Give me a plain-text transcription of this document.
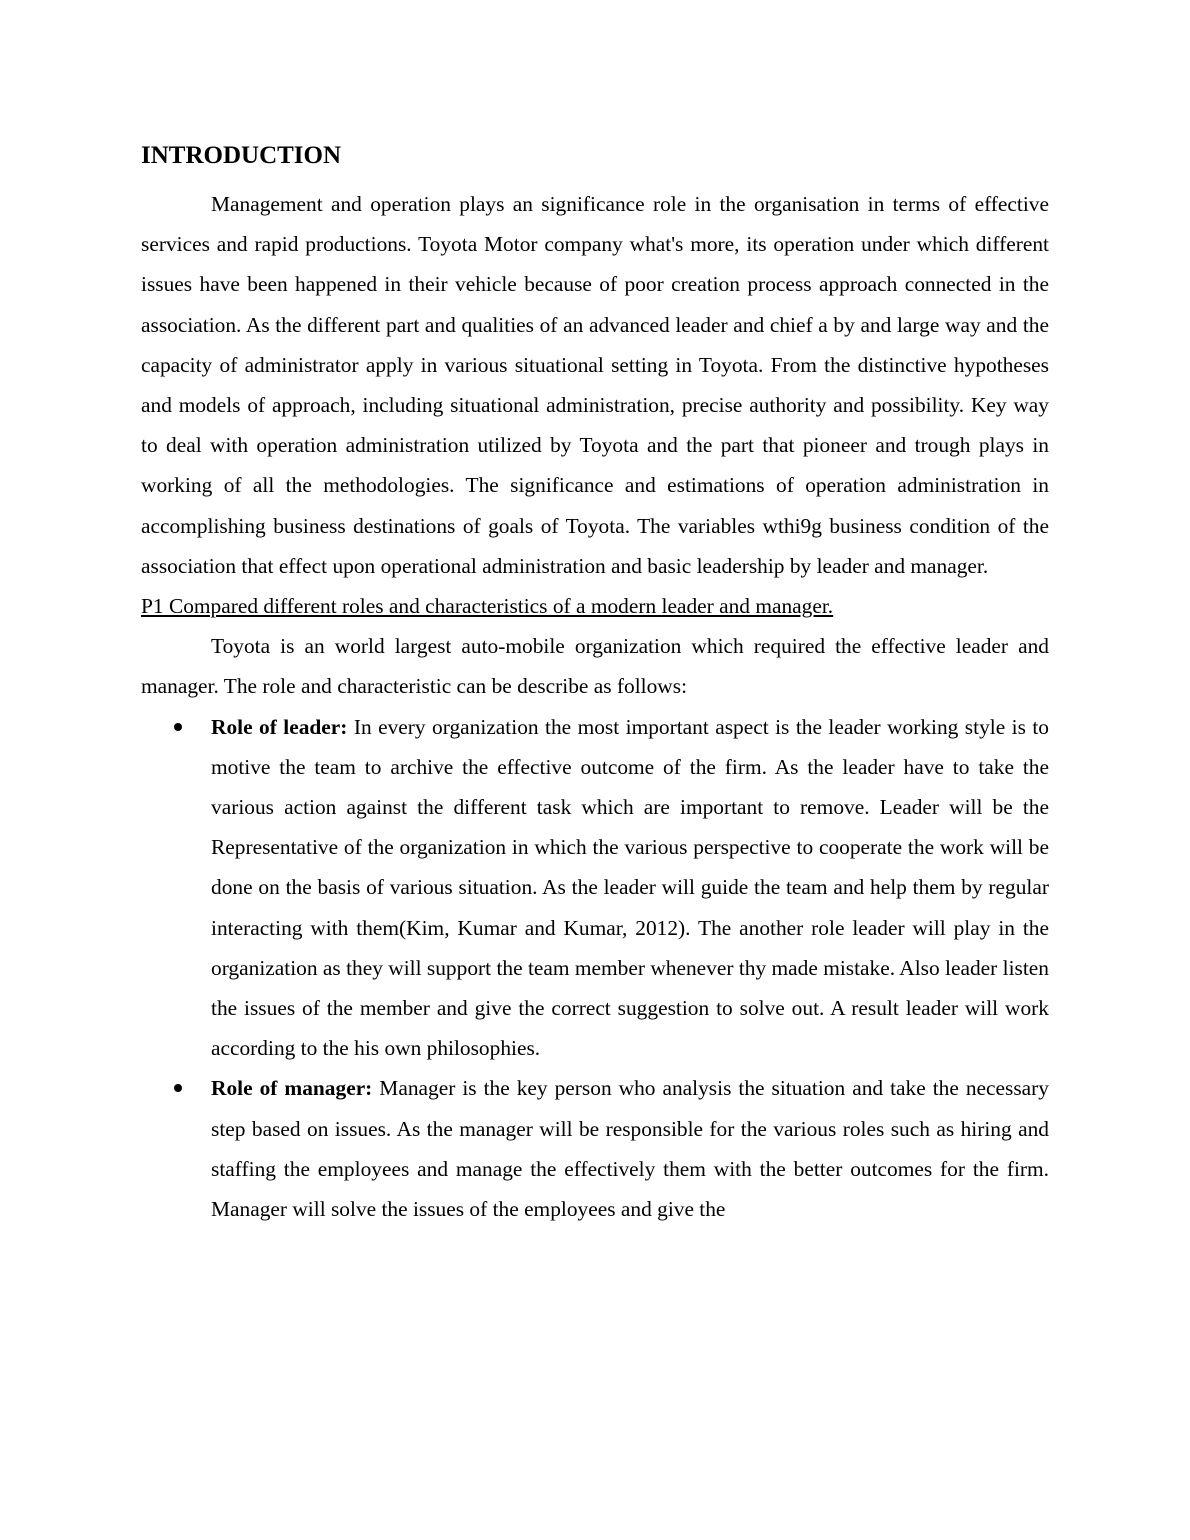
INTRODUCTION

Management and operation plays an significance role in the organisation in terms of effective services and rapid productions. Toyota Motor company what's more, its operation under which different issues have been happened in their vehicle because of poor creation process approach connected in the association. As the different part and qualities of an advanced leader and chief a by and large way and the capacity of administrator apply in various situational setting in Toyota. From the distinctive hypotheses and models of approach, including situational administration, precise authority and possibility. Key way to deal with operation administration utilized by Toyota and the part that pioneer and trough plays in working of all the methodologies. The significance and estimations of operation administration in accomplishing business destinations of goals of Toyota. The variables wthi9g business condition of the association that effect upon operational administration and basic leadership by leader and manager.

P1 Compared different roles and characteristics of a modern leader and manager.

Toyota is an world largest auto-mobile organization which required the effective leader and manager. The role and characteristic can be describe as follows:

Role of leader: In every organization the most important aspect is the leader working style is to motive the team to archive the effective outcome of the firm. As the leader have to take the various action against the different task which are important to remove. Leader will be the Representative of the organization in which the various perspective to cooperate the work will be done on the basis of various situation. As the leader will guide the team and help them by regular interacting with them(Kim, Kumar and Kumar, 2012). The another role leader will play in the organization as they will support the team member whenever thy made mistake. Also leader listen the issues of the member and give the correct suggestion to solve out. A result leader will work according to the his own philosophies.
Role of manager: Manager is the key person who analysis the situation and take the necessary step based on issues. As the manager will be responsible for the various roles such as hiring and staffing the employees and manage the effectively them with the better outcomes for the firm. Manager will solve the issues of the employees and give the
